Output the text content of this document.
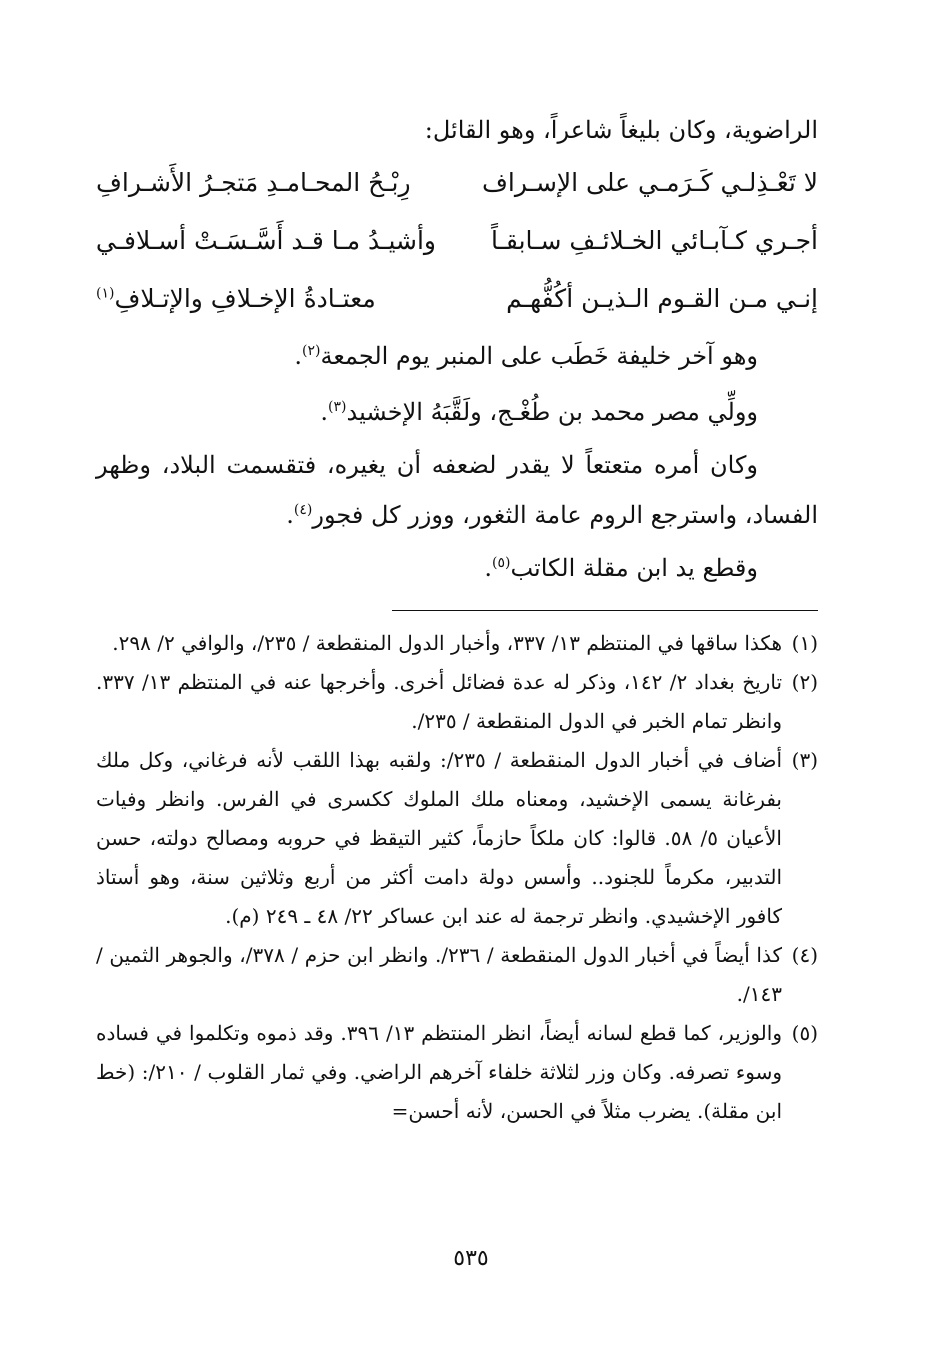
الراضوية، وكان بليغاً شاعراً، وهو القائل:
لا تَعْـذِلـي كَـرَمـي على الإسـراف
رِبْـحُ المحـامـدِ مَتجـرُ الأَشـرافِ
أجـري كـآبـائي الخـلائـفِ سـابقـاً
وأشيـدُ مـا قـد أَسَّـسَـتْ أسـلافـي
إنـي مـن القـوم الـذيـن أكُفُّهـم
معتـادةُ الإخـلافِ والإتـلافِ$^{(١)}$

وهو آخر خليفة خَطَب على المنبر يوم الجمعة$^{(٢)}$.

وولِّي مصر محمد بن طُغْـج، ولَقَّبَهُ الإخشيد$^{(٣)}$.

وكان أمره متعتعاً لا يقدر لضعفه أن يغيره، فتقسمت البلاد، وظهر الفساد، واسترجع الروم عامة الثغور، ووزر كل فجور$^{(٤)}$.

وقطع يد ابن مقلة الكاتب$^{(٥)}$.

(١)
هكذا ساقها في المنتظم ١٣/ ٣٣٧، وأخبار الدول المنقطعة / ٢٣٥/، والوافي ٢/ ٢٩٨.
(٢)
تاريخ بغداد ٢/ ١٤٢، وذكر له عدة فضائل أخرى. وأخرجها عنه في المنتظم ١٣/ ٣٣٧. وانظر تمام الخبر في الدول المنقطعة / ٢٣٥/.
(٣)
أضاف في أخبار الدول المنقطعة / ٢٣٥/: ولقبه بهذا اللقب لأنه فرغاني، وكل ملك بفرغانة يسمى الإخشيد، ومعناه ملك الملوك ككسرى في الفرس. وانظر وفيات الأعيان ٥/ ٥٨. قالوا: كان ملكاً حازماً، كثير التيقظ في حروبه ومصالح دولته، حسن التدبير، مكرماً للجنود.. وأسس دولة دامت أكثر من أربع وثلاثين سنة، وهو أستاذ كافور الإخشيدي. وانظر ترجمة له عند ابن عساكر ٢٢/ ٤٨ ـ ٢٤٩ (م).
(٤)
كذا أيضاً في أخبار الدول المنقطعة / ٢٣٦/. وانظر ابن حزم / ٣٧٨/، والجوهر الثمين / ١٤٣/.
(٥)
والوزير، كما قطع لسانه أيضاً، انظر المنتظم ١٣/ ٣٩٦. وقد ذموه وتكلموا في فساده وسوء تصرفه. وكان وزر لثلاثة خلفاء آخرهم الراضي. وفي ثمار القلوب / ٢١٠/: (خط ابن مقلة). يضرب مثلاً في الحسن، لأنه أحسن=
٥٣٥
